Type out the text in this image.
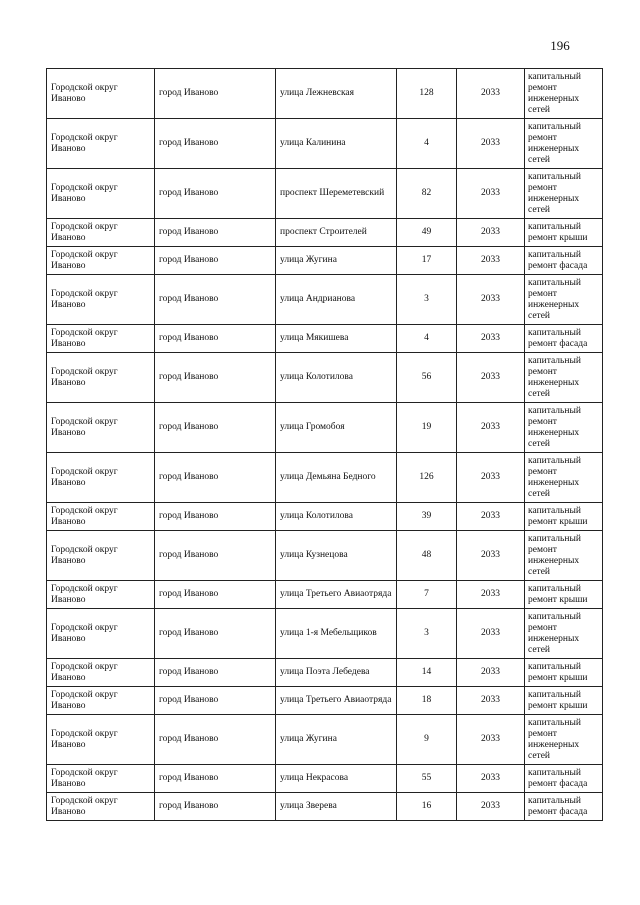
196
Городской округ Иваново	город Иваново	улица Лежневская	128	2033	капитальный ремонт инженерных сетей
Городской округ Иваново	город Иваново	улица Калинина	4	2033	капитальный ремонт инженерных сетей
Городской округ Иваново	город Иваново	проспект Шереметевский	82	2033	капитальный ремонт инженерных сетей
Городской округ Иваново	город Иваново	проспект Строителей	49	2033	капитальный ремонт крыши
Городской округ Иваново	город Иваново	улица Жугина	17	2033	капитальный ремонт фасада
Городской округ Иваново	город Иваново	улица Андрианова	3	2033	капитальный ремонт инженерных сетей
Городской округ Иваново	город Иваново	улица Мякишева	4	2033	капитальный ремонт фасада
Городской округ Иваново	город Иваново	улица Колотилова	56	2033	капитальный ремонт инженерных сетей
Городской округ Иваново	город Иваново	улица Громобоя	19	2033	капитальный ремонт инженерных сетей
Городской округ Иваново	город Иваново	улица Демьяна Бедного	126	2033	капитальный ремонт инженерных сетей
Городской округ Иваново	город Иваново	улица Колотилова	39	2033	капитальный ремонт крыши
Городской округ Иваново	город Иваново	улица Кузнецова	48	2033	капитальный ремонт инженерных сетей
Городской округ Иваново	город Иваново	улица Третьего Авиаотряда	7	2033	капитальный ремонт крыши
Городской округ Иваново	город Иваново	улица 1-я Мебельщиков	3	2033	капитальный ремонт инженерных сетей
Городской округ Иваново	город Иваново	улица Поэта Лебедева	14	2033	капитальный ремонт крыши
Городской округ Иваново	город Иваново	улица Третьего Авиаотряда	18	2033	капитальный ремонт крыши
Городской округ Иваново	город Иваново	улица Жугина	9	2033	капитальный ремонт инженерных сетей
Городской округ Иваново	город Иваново	улица Некрасова	55	2033	капитальный ремонт фасада
Городской округ Иваново	город Иваново	улица Зверева	16	2033	капитальный ремонт фасада
